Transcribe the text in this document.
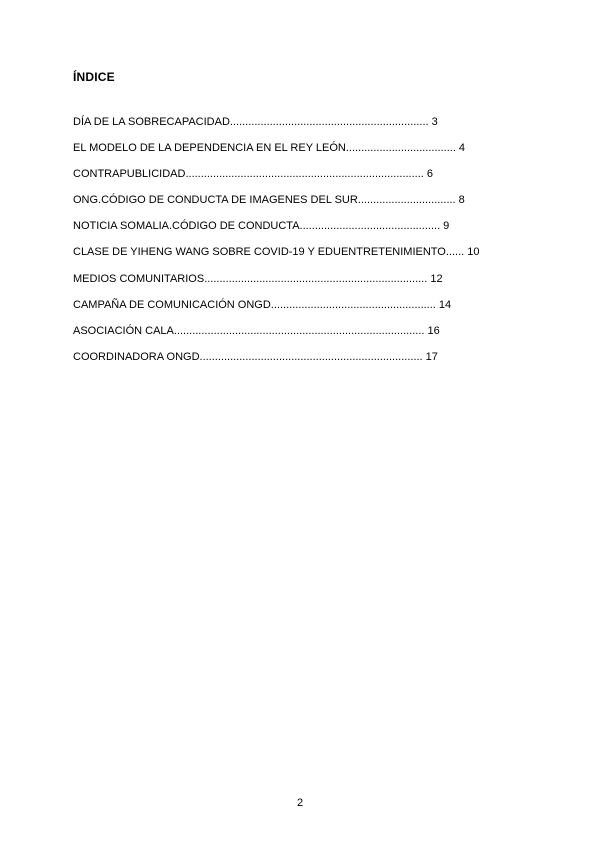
ÍNDICE
DÍA DE LA SOBRECAPACIDAD................................................................. 3
EL MODELO DE LA DEPENDENCIA EN EL REY LEÓN.................................... 4
CONTRAPUBLICIDAD.............................................................................. 6
ONG.CÓDIGO DE CONDUCTA DE IMAGENES DEL SUR................................ 8
NOTICIA SOMALIA.CÓDIGO DE CONDUCTA.............................................. 9
CLASE DE YIHENG WANG SOBRE COVID-19 Y EDUENTRETENIMIENTO...... 10
MEDIOS COMUNITARIOS......................................................................... 12
CAMPAÑA DE COMUNICACIÓN ONGD...................................................... 14
ASOCIACIÓN CALA.................................................................................. 16
COORDINADORA ONGD......................................................................... 17
2
